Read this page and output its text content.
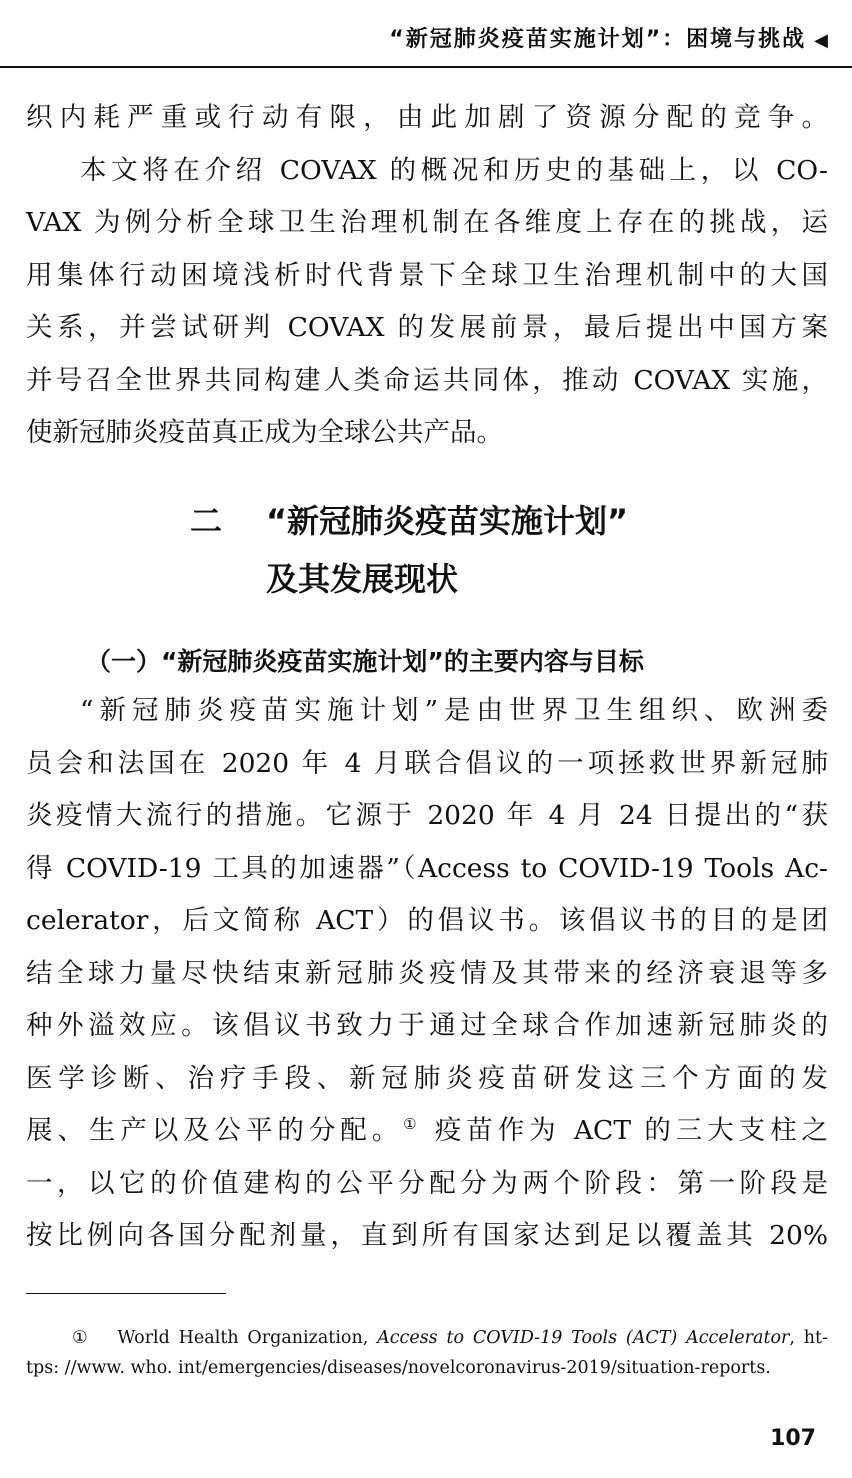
“新冠肺炎疫苗实施计划”：困境与挑战 ◀
织内耗严重或行动有限，由此加剧了资源分配的竞争。
本文将在介绍 COVAX 的概况和历史的基础上，以 CO-
VAX 为例分析全球卫生治理机制在各维度上存在的挑战，运
用集体行动困境浅析时代背景下全球卫生治理机制中的大国
关系，并尝试研判 COVAX 的发展前景，最后提出中国方案
并号召全世界共同构建人类命运共同体，推动 COVAX 实施，
使新冠肺炎疫苗真正成为全球公共产品。
二 “新冠肺炎疫苗实施计划”
及其发展现状
（一）“新冠肺炎疫苗实施计划”的主要内容与目标
“新冠肺炎疫苗实施计划”是由世界卫生组织、欧洲委
员会和法国在 2020 年 4 月联合倡议的一项拯救世界新冠肺
炎疫情大流行的措施。它源于 2020 年 4 月 24 日提出的“获
得 COVID-19 工具的加速器”（Access to COVID-19 Tools Ac-
celerator，后文简称 ACT）的倡议书。该倡议书的目的是团
结全球力量尽快结束新冠肺炎疫情及其带来的经济衰退等多
种外溢效应。该倡议书致力于通过全球合作加速新冠肺炎的
医学诊断、治疗手段、新冠肺炎疫苗研发这三个方面的发
展、生产以及公平的分配。① 疫苗作为 ACT 的三大支柱之
一，以它的价值建构的公平分配分为两个阶段：第一阶段是
按比例向各国分配剂量，直到所有国家达到足以覆盖其 20%
① World Health Organization, Access to COVID-19 Tools (ACT) Accelerator, ht-
tps: //www. who. int/emergencies/diseases/novelcoronavirus-2019/situation-reports.
107
